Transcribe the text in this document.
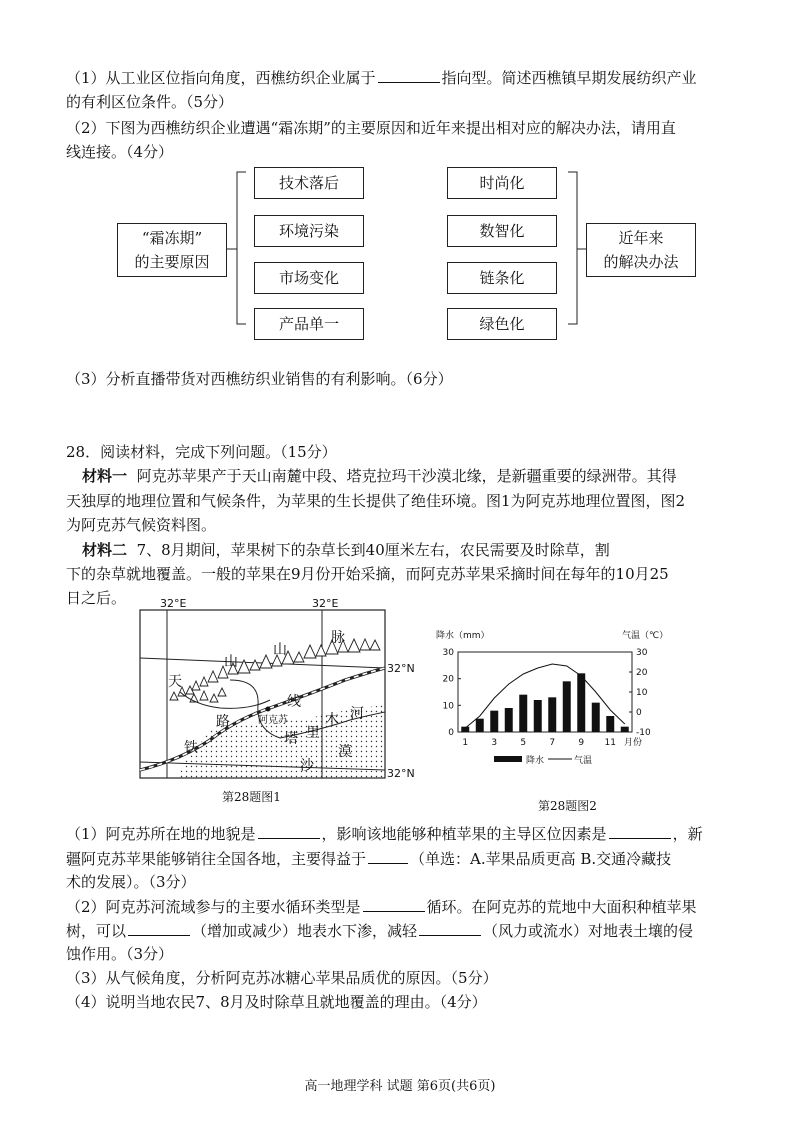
（1）从工业区位指向角度，西樵纺织企业属于	指向型。简述西樵镇早期发展纺织产业
的有利区位条件。（5分）
（2）下图为西樵纺织企业遭遇“霜冻期”的主要原因和近年来提出相对应的解决办法，请用直
线连接。（4分）
“霜冻期”
的主要原因
技术落后
环境污染
市场变化
产品单一
时尚化
数智化
链条化
绿色化
近年来
的解决办法
（3）分析直播带货对西樵纺织业销售的有利影响。（6分）
28．阅读材料，完成下列问题。（15分）
材料一 阿克苏苹果产于天山南麓中段、塔克拉玛干沙漠北缘，是新疆重要的绿洲带。其得
天独厚的地理位置和气候条件，为苹果的生长提供了绝佳环境。图1为阿克苏地理位置图，图2
为阿克苏气候资料图。
材料二 7、8月期间，苹果树下的杂草长到40厘米左右，农民需要及时除草，割
下的杂草就地覆盖。一般的苹果在9月份开始采摘，而阿克苏苹果采摘时间在每年的10月25
日之后。	32°E	32°E
32°N
32°N
天
山
山
脉
线
路	阿克苏
铁
塔 里
木 河
沙
漠
第28题图1
降水（mm）	气温（℃）
0
10
20
30
-10
0
10
20
30
1	3	5	7	9 11 月份
降水	气温
第28题图2
（1）阿克苏所在地的地貌是	，影响该地能够种植苹果的主导区位因素是	，新
疆阿克苏苹果能够销往全国各地，主要得益于	（单选：A.苹果品质更高 B.交通冷藏技
术的发展）。（3分）
（2）阿克苏河流域参与的主要水循环类型是	循环。在阿克苏的荒地中大面积种植苹果
树，可以	（增加或减少）地表水下渗，减轻	（风力或流水）对地表土壤的侵
蚀作用。（3分）
（3）从气候角度，分析阿克苏冰糖心苹果品质优的原因。（5分）
（4）说明当地农民7、8月及时除草且就地覆盖的理由。（4分）
高一地理学科 试题 第6页(共6页)
